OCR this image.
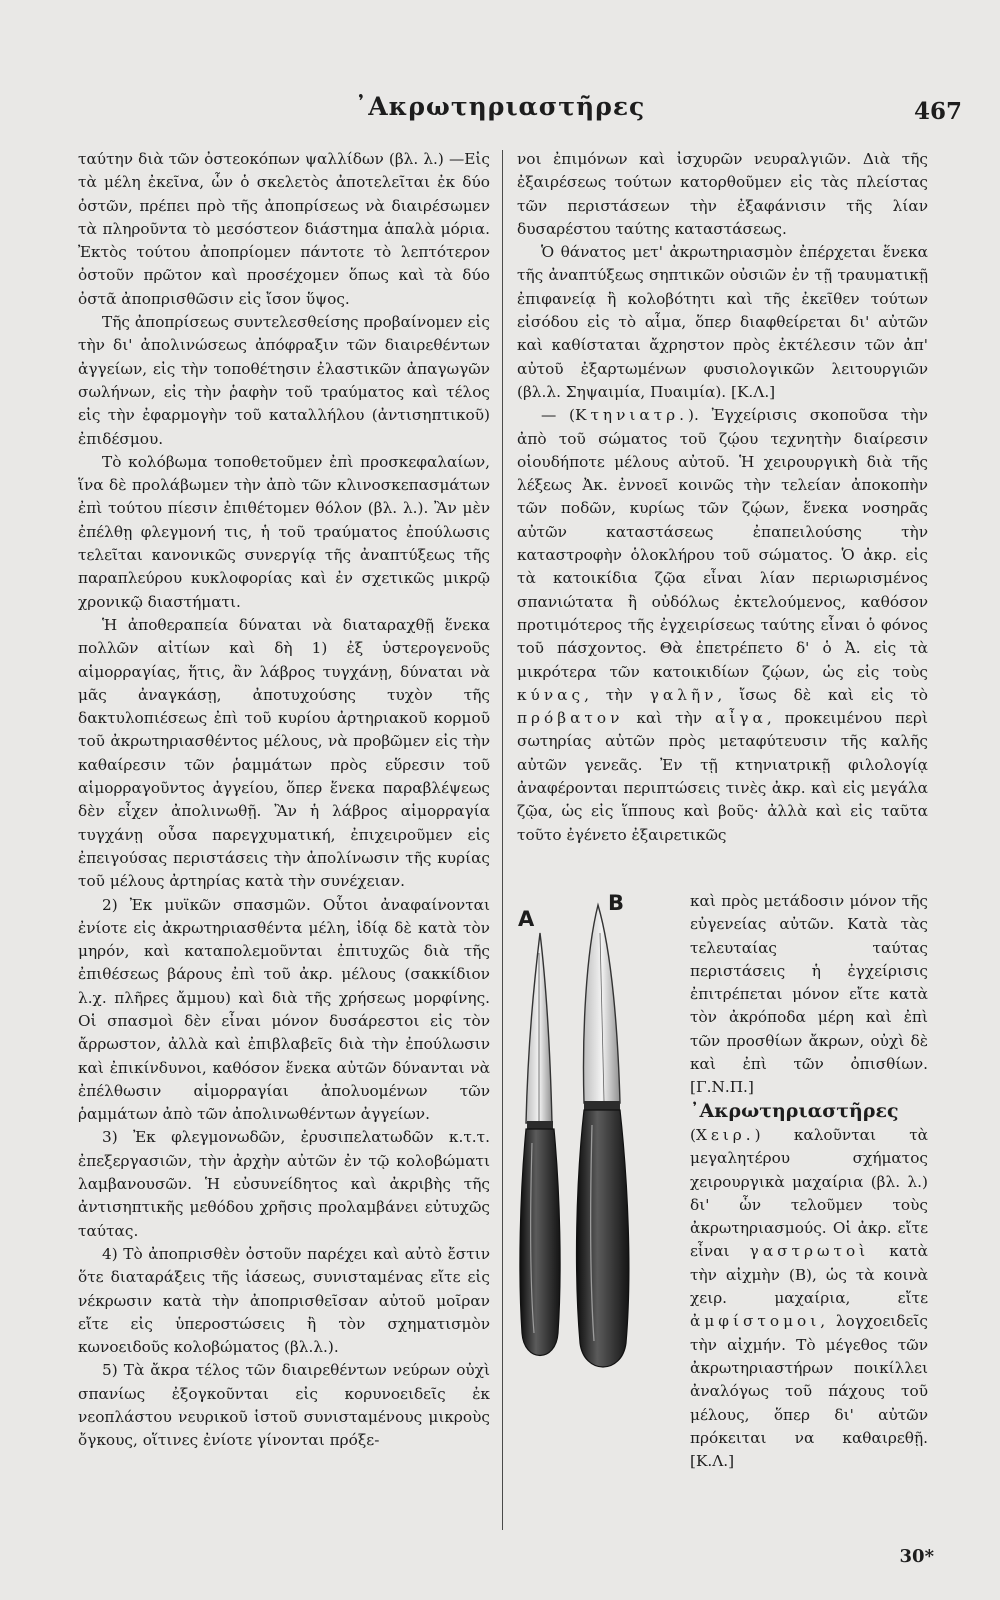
᾿Ακρωτηριαστῆρες	467

ταύτην διὰ τῶν ὀστεοκόπων ψαλλίδων (βλ. λ.) —Εἰς τὰ μέλη ἐκεῖνα, ὧν ὁ σκελετὸς ἀποτελεῖται ἐκ δύο ὀστῶν, πρέπει πρὸ τῆς ἀποπρίσεως νὰ διαιρέσωμεν τὰ πληροῦντα τὸ μεσόστεον διάστημα ἁπαλὰ μόρια. Ἐκτὸς τούτου ἀποπρίομεν πάντοτε τὸ λεπτότερον ὀστοῦν πρῶτον καὶ προσέχομεν ὅπως καὶ τὰ δύο ὀστᾶ ἀποπρισθῶσιν εἰς ἴσον ὕψος.

Τῆς ἀποπρίσεως συντελεσθείσης προβαίνομεν εἰς τὴν δι' ἀπολινώσεως ἀπόφραξιν τῶν διαιρεθέντων ἀγγείων, εἰς τὴν τοποθέτησιν ἐλαστικῶν ἀπαγωγῶν σωλήνων, εἰς τὴν ῥαφὴν τοῦ τραύματος καὶ τέλος εἰς τὴν ἐφαρμογὴν τοῦ καταλλήλου (ἀντισηπτικοῦ) ἐπιδέσμου.

Τὸ κολόβωμα τοποθετοῦμεν ἐπὶ προσκεφαλαίων, ἵνα δὲ προλάβωμεν τὴν ἀπὸ τῶν κλινοσκεπασμάτων ἐπὶ τούτου πίεσιν ἐπιθέτομεν θόλον (βλ. λ.). Ἂν μὲν ἐπέλθῃ φλεγμονή τις, ἡ τοῦ τραύματος ἐπούλωσις τελεῖται κανονικῶς συνεργίᾳ τῆς ἀναπτύξεως τῆς παραπλεύρου κυκλοφορίας καὶ ἐν σχετικῶς μικρῷ χρονικῷ διαστήματι.

Ἡ ἀποθεραπεία δύναται νὰ διαταραχθῇ ἕνεκα πολλῶν αἰτίων καὶ δὴ 1) ἐξ ὑστερογενοῦς αἱμορραγίας, ἥτις, ἂν λάβρος τυγχάνῃ, δύναται νὰ μᾶς ἀναγκάσῃ, ἀποτυχούσης τυχὸν τῆς δακτυλοπιέσεως ἐπὶ τοῦ κυρίου ἀρτηριακοῦ κορμοῦ τοῦ ἀκρωτηριασθέντος μέλους, νὰ προβῶμεν εἰς τὴν καθαίρεσιν τῶν ῥαμμάτων πρὸς εὕρεσιν τοῦ αἱμορραγοῦντος ἀγγείου, ὅπερ ἕνεκα παραβλέψεως δὲν εἶχεν ἀπολινωθῇ. Ἂν ἡ λάβρος αἱμορραγία τυγχάνῃ οὖσα παρεγχυματική, ἐπιχειροῦμεν εἰς ἐπειγούσας περιστάσεις τὴν ἀπολίνωσιν τῆς κυρίας τοῦ μέλους ἀρτηρίας κατὰ τὴν συνέχειαν.

2) Ἐκ μυϊκῶν σπασμῶν. Οὗτοι ἀναφαίνονται ἐνίοτε εἰς ἀκρωτηριασθέντα μέλη, ἰδίᾳ δὲ κατὰ τὸν μηρόν, καὶ καταπολεμοῦνται ἐπιτυχῶς διὰ τῆς ἐπιθέσεως βάρους ἐπὶ τοῦ ἀκρ. μέλους (σακκίδιον λ.χ. πλῆρες ἄμμου) καὶ διὰ τῆς χρήσεως μορφίνης. Οἱ σπασμοὶ δὲν εἶναι μόνον δυσάρεστοι εἰς τὸν ἄρρωστον, ἀλλὰ καὶ ἐπιβλαβεῖς διὰ τὴν ἐπούλωσιν καὶ ἐπικίνδυνοι, καθόσον ἕνεκα αὐτῶν δύνανται νὰ ἐπέλθωσιν αἱμορραγίαι ἀπολυομένων τῶν ῥαμμάτων ἀπὸ τῶν ἀπολινωθέντων ἀγγείων.

3) Ἐκ φλεγμονωδῶν, ἐρυσιπελατωδῶν κ.τ.τ. ἐπεξεργασιῶν, τὴν ἀρχὴν αὐτῶν ἐν τῷ κολοβώματι λαμβανουσῶν. Ἡ εὐσυνείδητος καὶ ἀκριβὴς τῆς ἀντισηπτικῆς μεθόδου χρῆσις προλαμβάνει εὐτυχῶς ταύτας.

4) Τὸ ἀποπρισθὲν ὀστοῦν παρέχει καὶ αὐτὸ ἔστιν ὅτε διαταράξεις τῆς ἰάσεως, συνισταμένας εἴτε εἰς νέκρωσιν κατὰ τὴν ἀποπρισθεῖσαν αὐτοῦ μοῖραν εἴτε εἰς ὑπεροστώσεις ἢ τὸν σχηματισμὸν κωνοειδοῦς κολοβώματος (βλ.λ.).

5) Τὰ ἄκρα τέλος τῶν διαιρεθέντων νεύρων οὐχὶ σπανίως ἐξογκοῦνται εἰς κορυνοειδεῖς ἐκ νεοπλάστου νευρικοῦ ἱστοῦ συνισταμένους μικροὺς ὄγκους, οἵτινες ἐνίοτε γίνονται πρόξε-

νοι ἐπιμόνων καὶ ἰσχυρῶν νευραλγιῶν. Διὰ τῆς ἐξαιρέσεως τούτων κατορθοῦμεν εἰς τὰς πλείστας τῶν περιστάσεων τὴν ἐξαφάνισιν τῆς λίαν δυσαρέστου ταύτης καταστάσεως.

Ὁ θάνατος μετ' ἀκρωτηριασμὸν ἐπέρχεται ἕνεκα τῆς ἀναπτύξεως σηπτικῶν οὐσιῶν ἐν τῇ τραυματικῇ ἐπιφανείᾳ ἢ κολοβότητι καὶ τῆς ἐκεῖθεν τούτων εἰσόδου εἰς τὸ αἷμα, ὅπερ διαφθείρεται δι' αὐτῶν καὶ καθίσταται ἄχρηστον πρὸς ἐκτέλεσιν τῶν ἀπ' αὐτοῦ ἐξαρτωμένων φυσιολογικῶν λειτουργιῶν (βλ.λ. Σηψαιμία, Πυαιμία). [Κ.Λ.]

— (Κτηνιατρ.). Ἐγχείρισις σκοποῦσα τὴν ἀπὸ τοῦ σώματος τοῦ ζῴου τεχνητὴν διαίρεσιν οἱουδήποτε μέλους αὐτοῦ. Ἡ χειρουργικὴ διὰ τῆς λέξεως Ἀκ. ἐννοεῖ κοινῶς τὴν τελείαν ἀποκοπὴν τῶν ποδῶν, κυρίως τῶν ζῴων, ἕνεκα νοσηρᾶς αὐτῶν καταστάσεως ἐπαπειλούσης τὴν καταστροφὴν ὁλοκλήρου τοῦ σώματος. Ὁ ἀκρ. εἰς τὰ κατοικίδια ζῷα εἶναι λίαν περιωρισμένος σπανιώτατα ἢ οὐδόλως ἐκτελούμενος, καθόσον προτιμότερος τῆς ἐγχειρίσεως ταύτης εἶναι ὁ φόνος τοῦ πάσχοντος. Θὰ ἐπετρέπετο δ' ὁ Ἀ. εἰς τὰ μικρότερα τῶν κατοικιδίων ζῴων, ὡς εἰς τοὺς κύνας, τὴν γαλῆν, ἴσως δὲ καὶ εἰς τὸ πρόβατον καὶ τὴν αἶγα, προκειμένου περὶ σωτηρίας αὐτῶν πρὸς μεταφύτευσιν τῆς καλῆς αὐτῶν γενεᾶς. Ἐν τῇ κτηνιατρικῇ φιλολογίᾳ ἀναφέρονται περιπτώσεις τινὲς ἀκρ. καὶ εἰς μεγάλα ζῷα, ὡς εἰς ἵππους καὶ βοῦς· ἀλλὰ καὶ εἰς ταῦτα τοῦτο ἐγένετο ἐξαιρετικῶς

A
B	καὶ πρὸς μετάδοσιν μόνον τῆς εὐγενείας αὐτῶν. Κατὰ τὰς τελευταίας ταύτας περιστάσεις ἡ ἐγχείρισις ἐπιτρέπεται μόνον εἴτε κατὰ τὸν ἀκρόποδα μέρη καὶ ἐπὶ τῶν προσθίων ἄκρων, οὐχὶ δὲ καὶ ἐπὶ τῶν ὀπισθίων. [Γ.Ν.Π.]

᾿Ακρωτηριαστῆρες (Χειρ.) καλοῦνται τὰ μεγαλητέρου σχήματος χειρουργικὰ μαχαίρια (βλ. λ.) δι' ὧν τελοῦμεν τοὺς ἀκρωτηριασμούς. Οἱ ἀκρ. εἴτε εἶναι γαστρωτοὶ κατὰ τὴν αἰχμὴν (Β), ὡς τὰ κοινὰ χειρ. μαχαίρια, εἴτε ἀμφίστομοι, λογχοειδεῖς τὴν αἰχμήν. Τὸ μέγεθος τῶν ἀκρωτηριαστήρων ποικίλλει ἀναλόγως τοῦ πάχους τοῦ μέλους, ὅπερ δι' αὐτῶν πρόκειται να καθαιρεθῇ. [Κ.Λ.]

30*
